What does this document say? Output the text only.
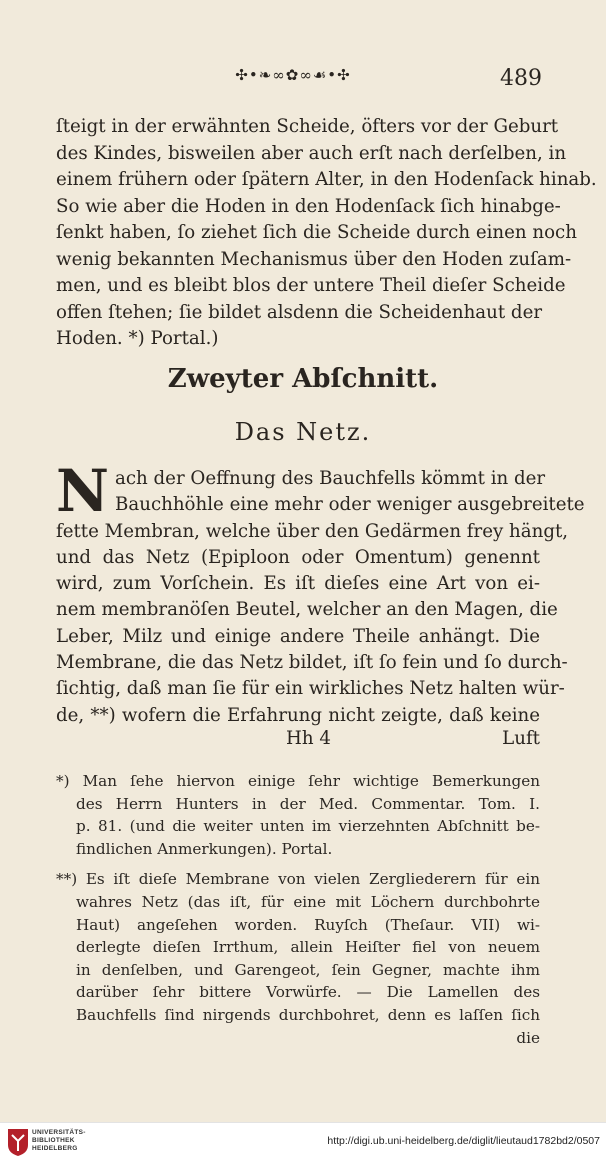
✣•❧∞✿∞☙•✣	489
ſteigt in der erwähnten Scheide, öfters vor der Geburt
des Kindes, bisweilen aber auch erſt nach derſelben, in
einem frühern oder ſpätern Alter, in den Hodenſack hinab.
So wie aber die Hoden in den Hodenſack ſich hinabge-
ſenkt haben, ſo ziehet ſich die Scheide durch einen noch
wenig bekannten Mechanismus über den Hoden zuſam-
men, und es bleibt blos der untere Theil dieſer Scheide
offen ſtehen; ſie bildet alsdenn die Scheidenhaut der
Hoden. *) Portal.)
Zweyter Abſchnitt.
Das Netz.
N ach der Oeffnung des Bauchfells kömmt in der
Bauchhöhle eine mehr oder weniger ausgebreitete
fette Membran, welche über den Gedärmen frey hängt,
und das Netz (Epiploon oder Omentum) genennt
wird, zum Vorſchein. Es iſt dieſes eine Art von ei-
nem membranöſen Beutel, welcher an den Magen, die
Leber, Milz und einige andere Theile anhängt. Die
Membrane, die das Netz bildet, iſt ſo fein und ſo durch-
ſichtig, daß man ſie für ein wirkliches Netz halten wür-
de, **) wofern die Erfahrung nicht zeigte, daß keine
Hh 4	Luft
*) Man ſehe hiervon einige ſehr wichtige Bemerkungen
des Herrn Hunters in der Med. Commentar. Tom. I.
p. 81. (und die weiter unten im vierzehnten Abſchnitt be-
findlichen Anmerkungen). Portal.
**) Es iſt dieſe Membrane von vielen Zergliederern für ein
wahres Netz (das iſt, für eine mit Löchern durchbohrte
Haut) angeſehen worden. Ruyſch (Theſaur. VII) wi-
derlegte dieſen Irrthum, allein Heiſter fiel von neuem
in denſelben, und Garengeot, ſein Gegner, machte ihm
darüber ſehr bittere Vorwürfe. — Die Lamellen des
Bauchfells ſind nirgends durchbohret, denn es laſſen ſich
die
UNIVERSITÄTS-
BIBLIOTHEK
HEIDELBERG
http://digi.ub.uni-heidelberg.de/diglit/lieutaud1782bd2/0507
